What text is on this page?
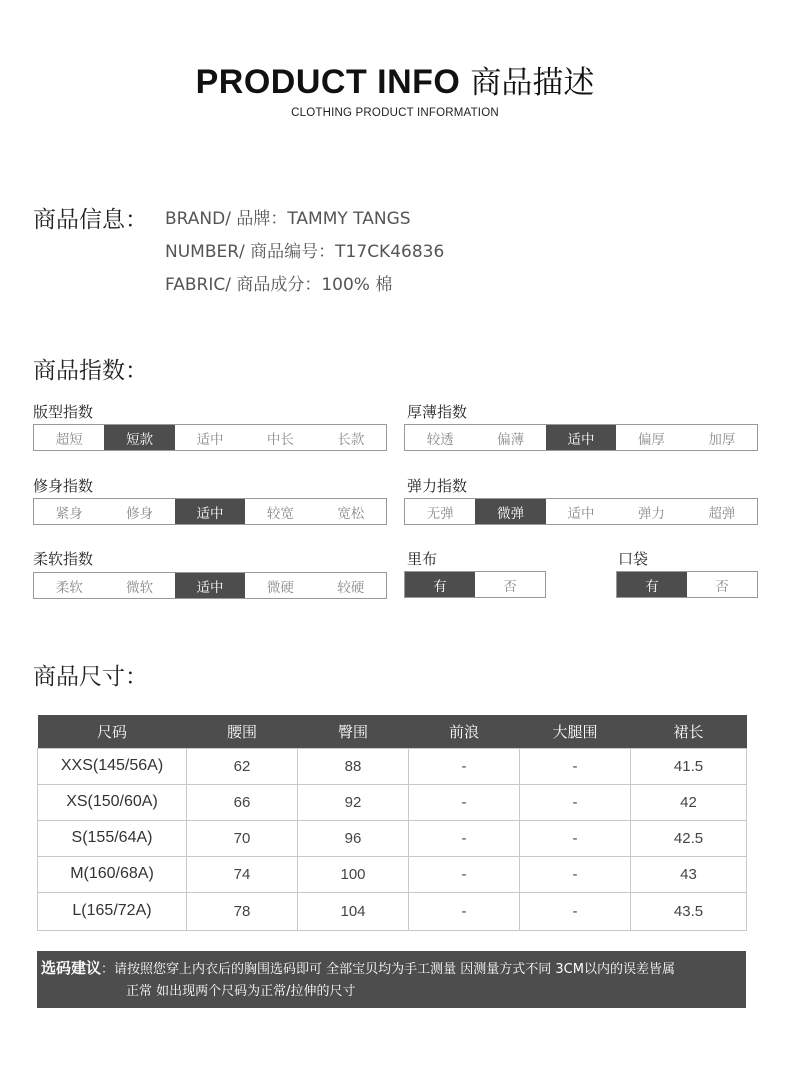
PRODUCT INFO 商品描述
CLOTHING PRODUCT INFORMATION
商品信息： BRAND/ 品牌：TAMMY TANGS
NUMBER/ 商品编号：T17CK46836
FABRIC/ 商品成分：100% 棉
商品指数：
版型指数
超短	短款	适中	中长	长款
厚薄指数
较透	偏薄	适中	偏厚	加厚
修身指数
紧身	修身	适中	较宽	宽松
弹力指数
无弹	微弹	适中	弹力	超弹
柔软指数
柔软	微软	适中	微硬	较硬
里布
有	否
口袋
有	否
商品尺寸：
尺码	腰围	臀围	前浪	大腿围	裙长
XXS(145/56A)	62	88	-	-	41.5
XS(150/60A)	66	92	-	-	42
S(155/64A)	70	96	-	-	42.5
M(160/68A)	74	100	-	-	43
L(165/72A)	78	104	-	-	43.5
选码建议：请按照您穿上内衣后的胸围选码即可 全部宝贝均为手工测量 因测量方式不同 3CM以内的误差皆属
正常 如出现两个尺码为正常/拉伸的尺寸
